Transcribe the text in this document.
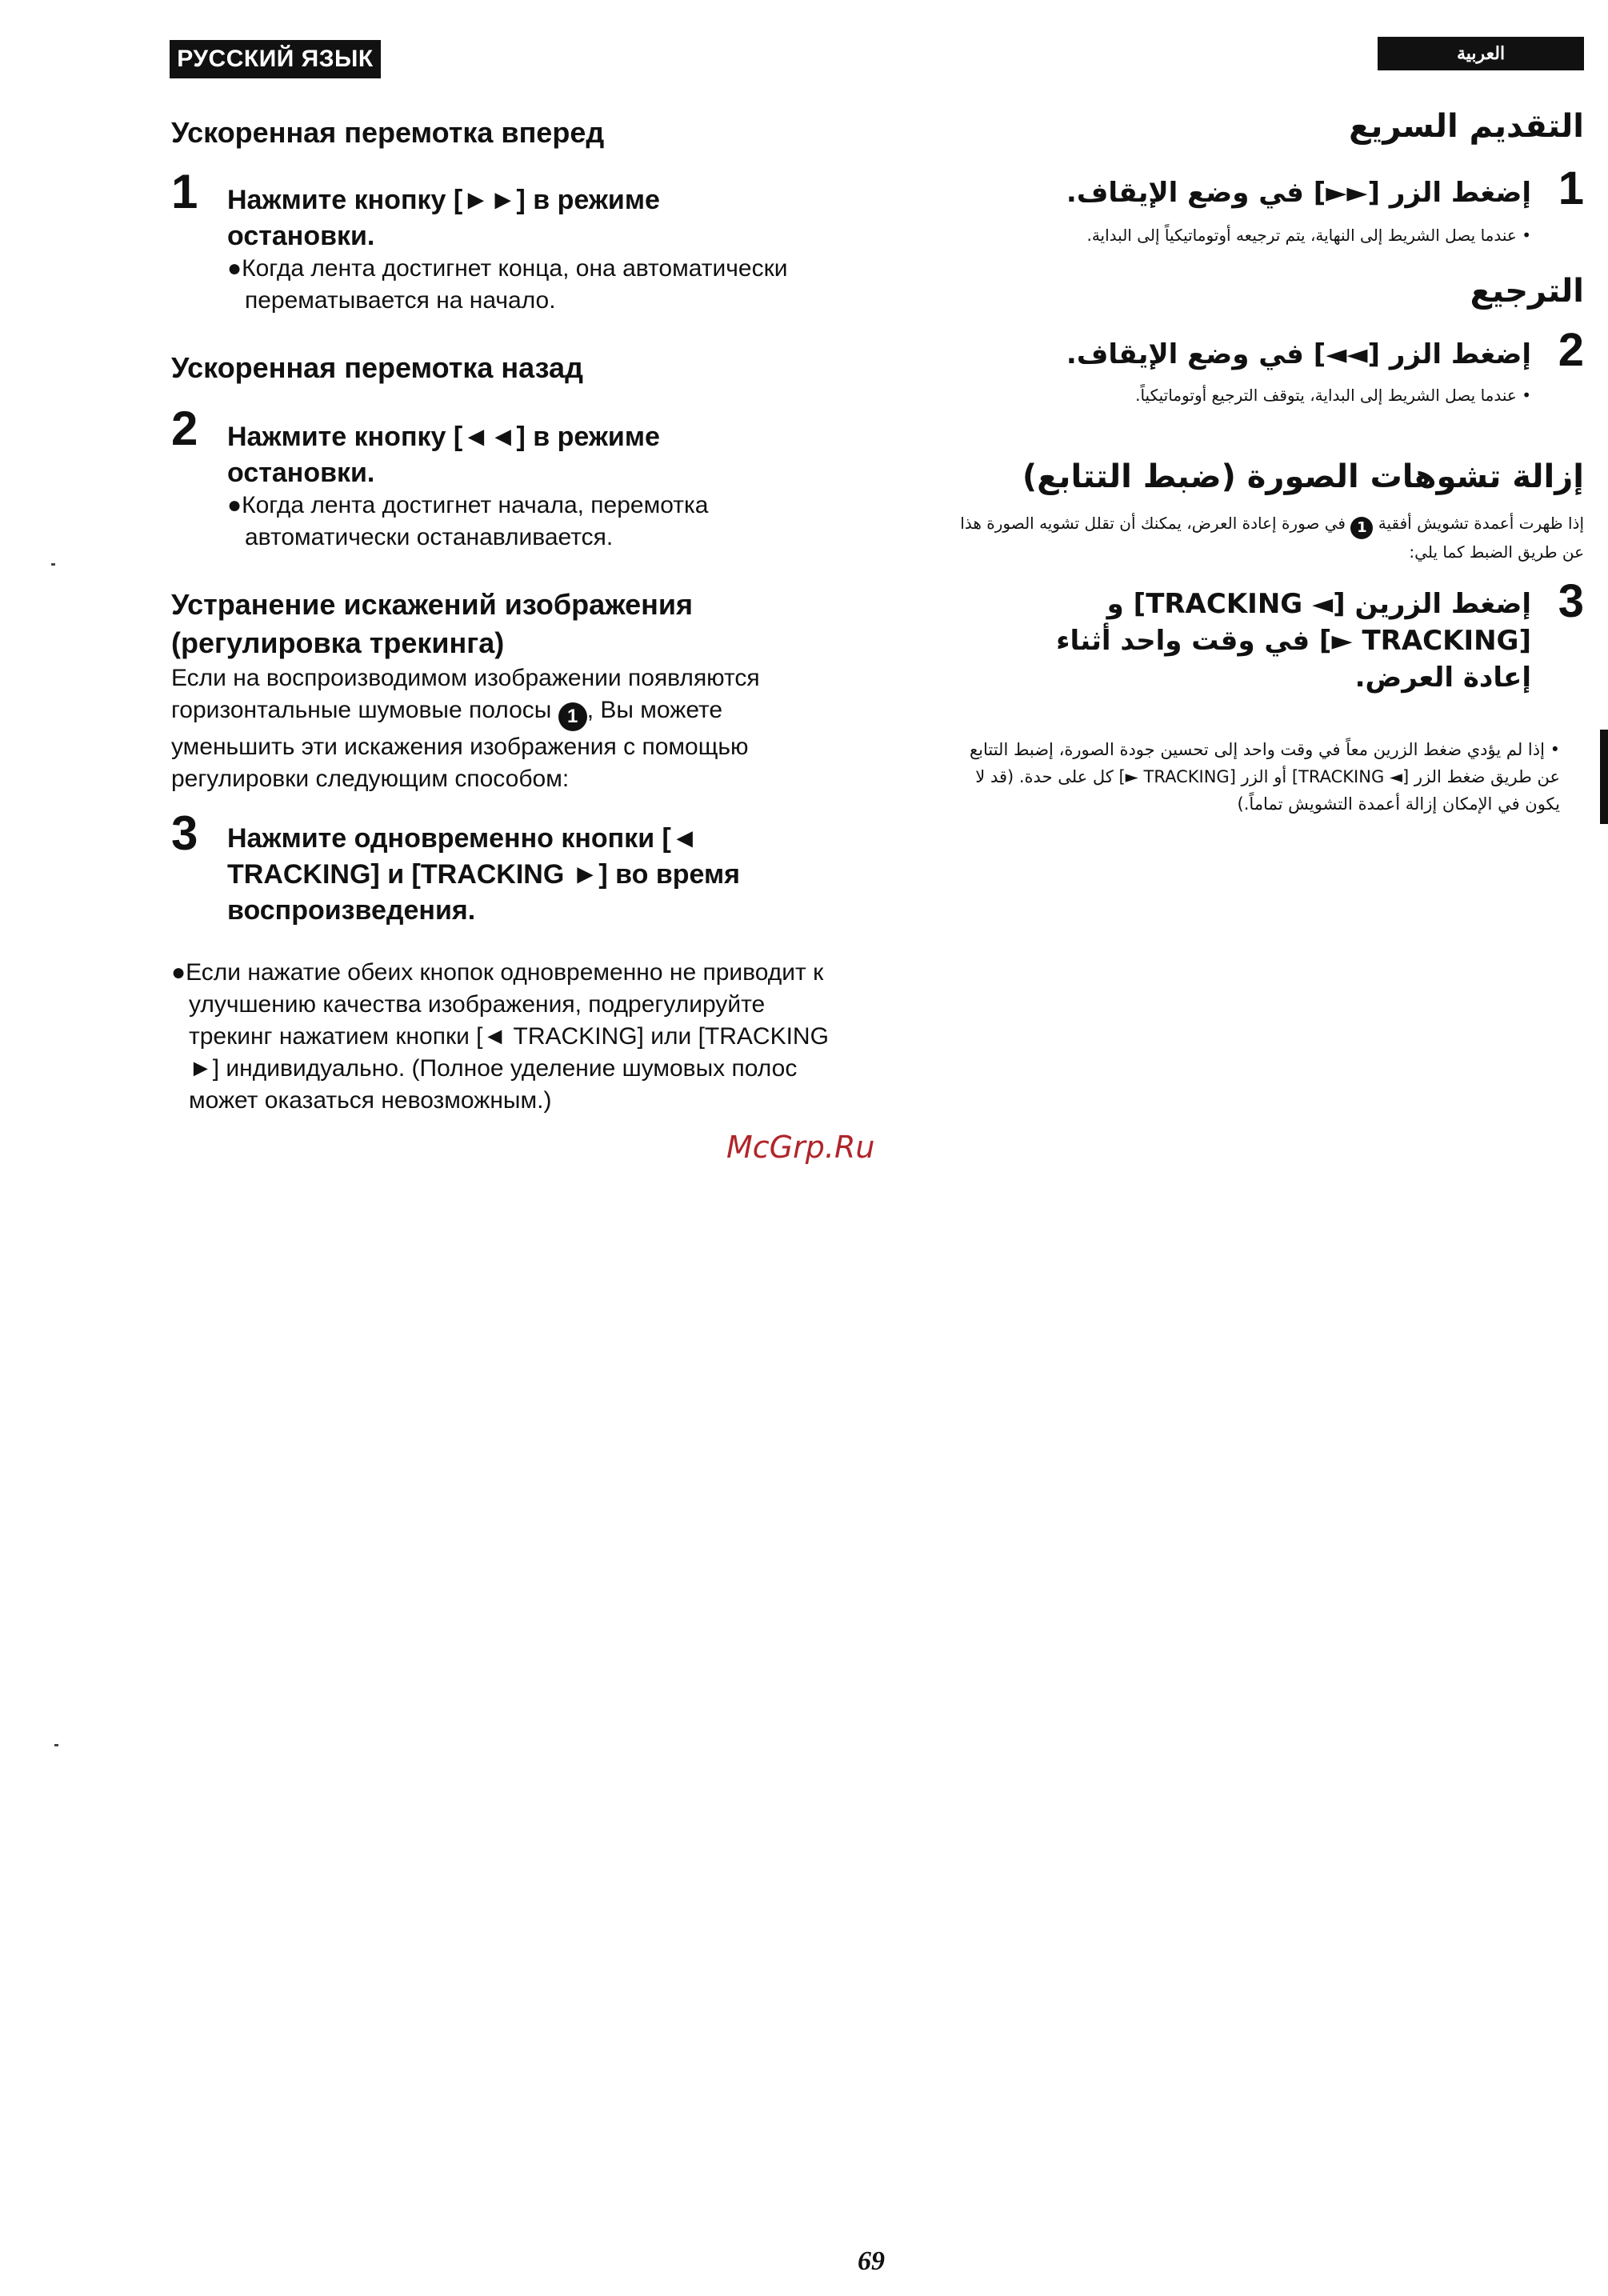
РУССКИЙ ЯЗЫК	العربية
Ускоренная перемотка вперед
1 Нажмите кнопку [►►] в режиме остановки.
●Когда лента достигнет конца, она автоматически перематывается на начало.
Ускоренная перемотка назад
2 Нажмите кнопку [◄◄] в режиме остановки.
●Когда лента достигнет начала, перемотка автоматически останавливается.
Устранение искажений изображения (регулировка трекинга)
Если на воспроизводимом изображении появляются горизонтальные шумовые полосы 1 , Вы можете уменьшить эти искажения изображения с помощью регулировки следующим способом:
3 Нажмите одновременно кнопки [◄ TRACKING] и [TRACKING ►] во время воспроизведения.
●Если нажатие обеих кнопок одновременно не приводит к улучшению качества изображения, подрегулируйте трекинг нажатием кнопки [◄ TRACKING] или [TRACKING ►] индивидуально. (Полное уделение шумовых полос может оказаться невозможным.)
التقديم السريع
1
إضغط الزر [►►] في وضع الإيقاف.
• عندما يصل الشريط إلى النهاية، يتم ترجيعه أوتوماتيكياً إلى البداية.
الترجيع
2
إضغط الزر [◄◄] في وضع الإيقاف.
• عندما يصل الشريط إلى البداية، يتوقف الترجيع أوتوماتيكياً.
إزالة تشوهات الصورة (ضبط التتابع)
إذا ظهرت أعمدة تشويش أفقية 1 في صورة إعادة العرض، يمكنك أن تقلل تشويه الصورة هذا عن طريق الضبط كما يلي:
3
إضغط الزرين [◄ TRACKING] و [TRACKING ►] في وقت واحد أثناء إعادة العرض.
• إذا لم يؤدي ضغط الزرين معاً في وقت واحد إلى تحسين جودة الصورة، إضبط التتابع عن طريق ضغط الزر [◄ TRACKING] أو الزر [TRACKING ►] كل على حدة. (قد لا يكون في الإمكان إزالة أعمدة التشويش تماماً.)
McGrp.Ru
69
